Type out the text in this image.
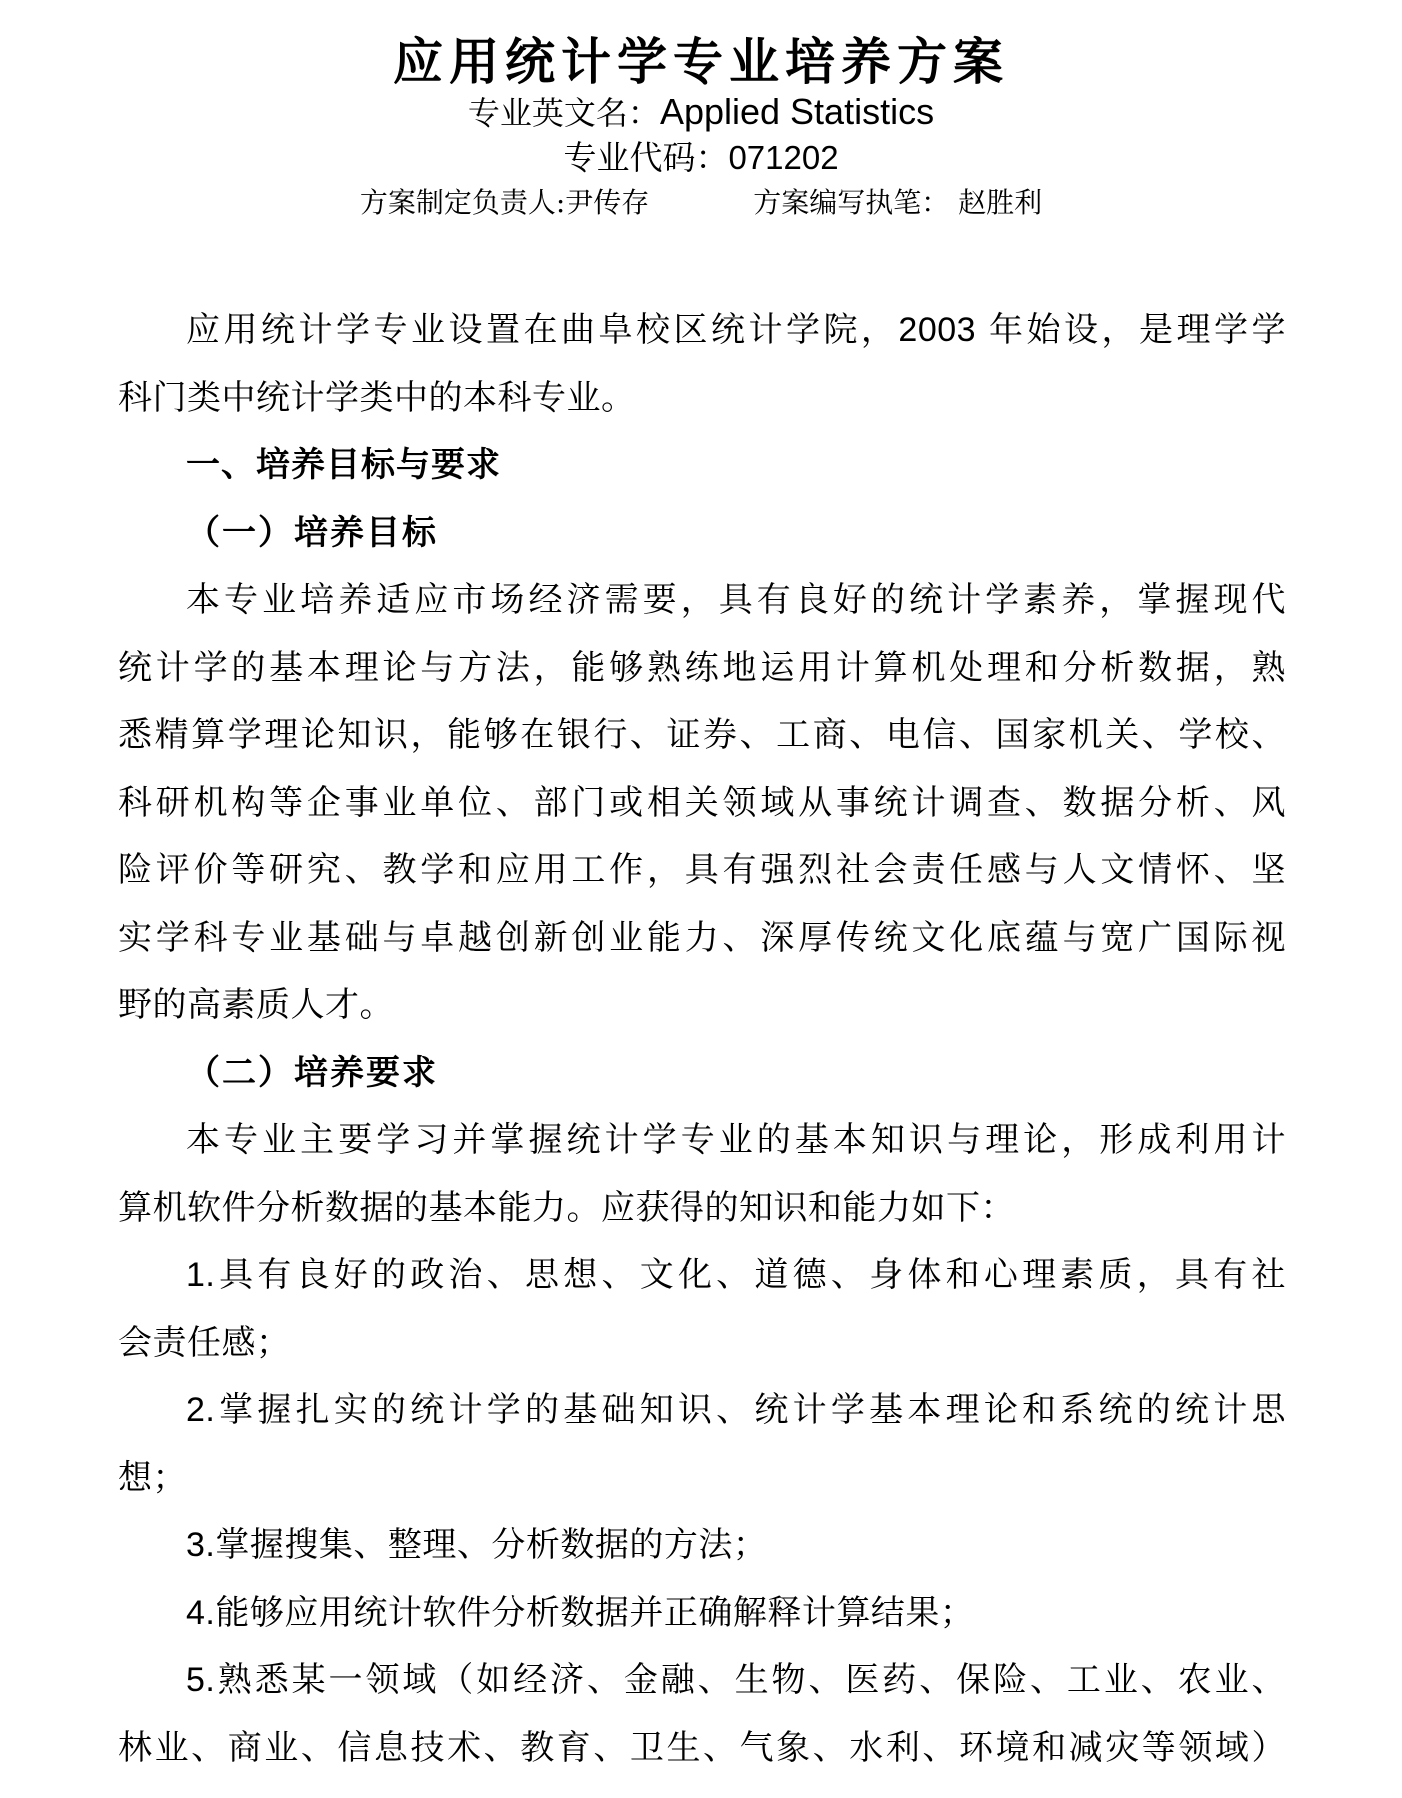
应用统计学专业培养方案
专业英文名：Applied Statistics
专业代码：071202
方案制定负责人:尹传存	方案编写执笔： 赵胜利
应用统计学专业设置在曲阜校区统计学院，2003 年始设，是理学学
科门类中统计学类中的本科专业。
一、培养目标与要求
（一）培养目标
本专业培养适应市场经济需要，具有良好的统计学素养，掌握现代
统计学的基本理论与方法，能够熟练地运用计算机处理和分析数据，熟
悉精算学理论知识，能够在银行、证券、工商、电信、国家机关、学校、
科研机构等企事业单位、部门或相关领域从事统计调查、数据分析、风
险评价等研究、教学和应用工作，具有强烈社会责任感与人文情怀、坚
实学科专业基础与卓越创新创业能力、深厚传统文化底蕴与宽广国际视
野的高素质人才。
（二）培养要求
本专业主要学习并掌握统计学专业的基本知识与理论，形成利用计
算机软件分析数据的基本能力。应获得的知识和能力如下：
1.具有良好的政治、思想、文化、道德、身体和心理素质，具有社
会责任感；
2.掌握扎实的统计学的基础知识、统计学基本理论和系统的统计思
想；
3.掌握搜集、整理、分析数据的方法；
4.能够应用统计软件分析数据并正确解释计算结果；
5.熟悉某一领域（如经济、金融、生物、医药、保险、工业、农业、
林业、商业、信息技术、教育、卫生、气象、水利、环境和减灾等领域）
